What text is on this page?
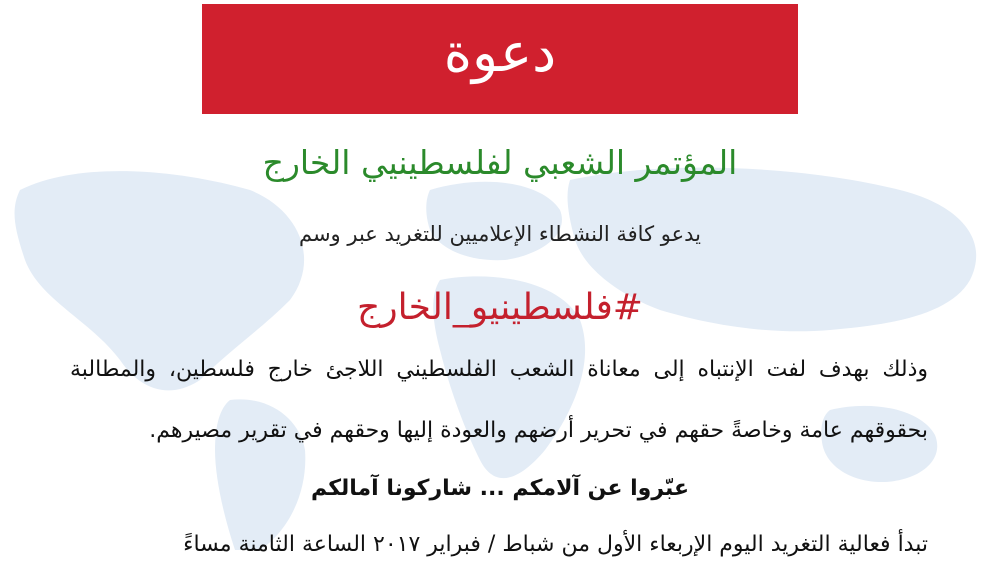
دعوة
المؤتمر الشعبي لفلسطينيي الخارج
يدعو كافة النشطاء الإعلاميين للتغريد عبر وسم
#فلسطينيو_الخارج
وذلك بهدف لفت الإنتباه إلى معاناة الشعب الفلسطيني اللاجئ خارج فلسطين، والمطالبة
بحقوقهم عامة وخاصةً حقهم في تحرير أرضهم والعودة إليها وحقهم في تقرير مصيرهم.
عبّروا عن آلامكم ... شاركونا آمالكم
تبدأ فعالية التغريد اليوم الإربعاء الأول من شباط / فبراير ٢٠١٧ الساعة الثامنة مساءً
